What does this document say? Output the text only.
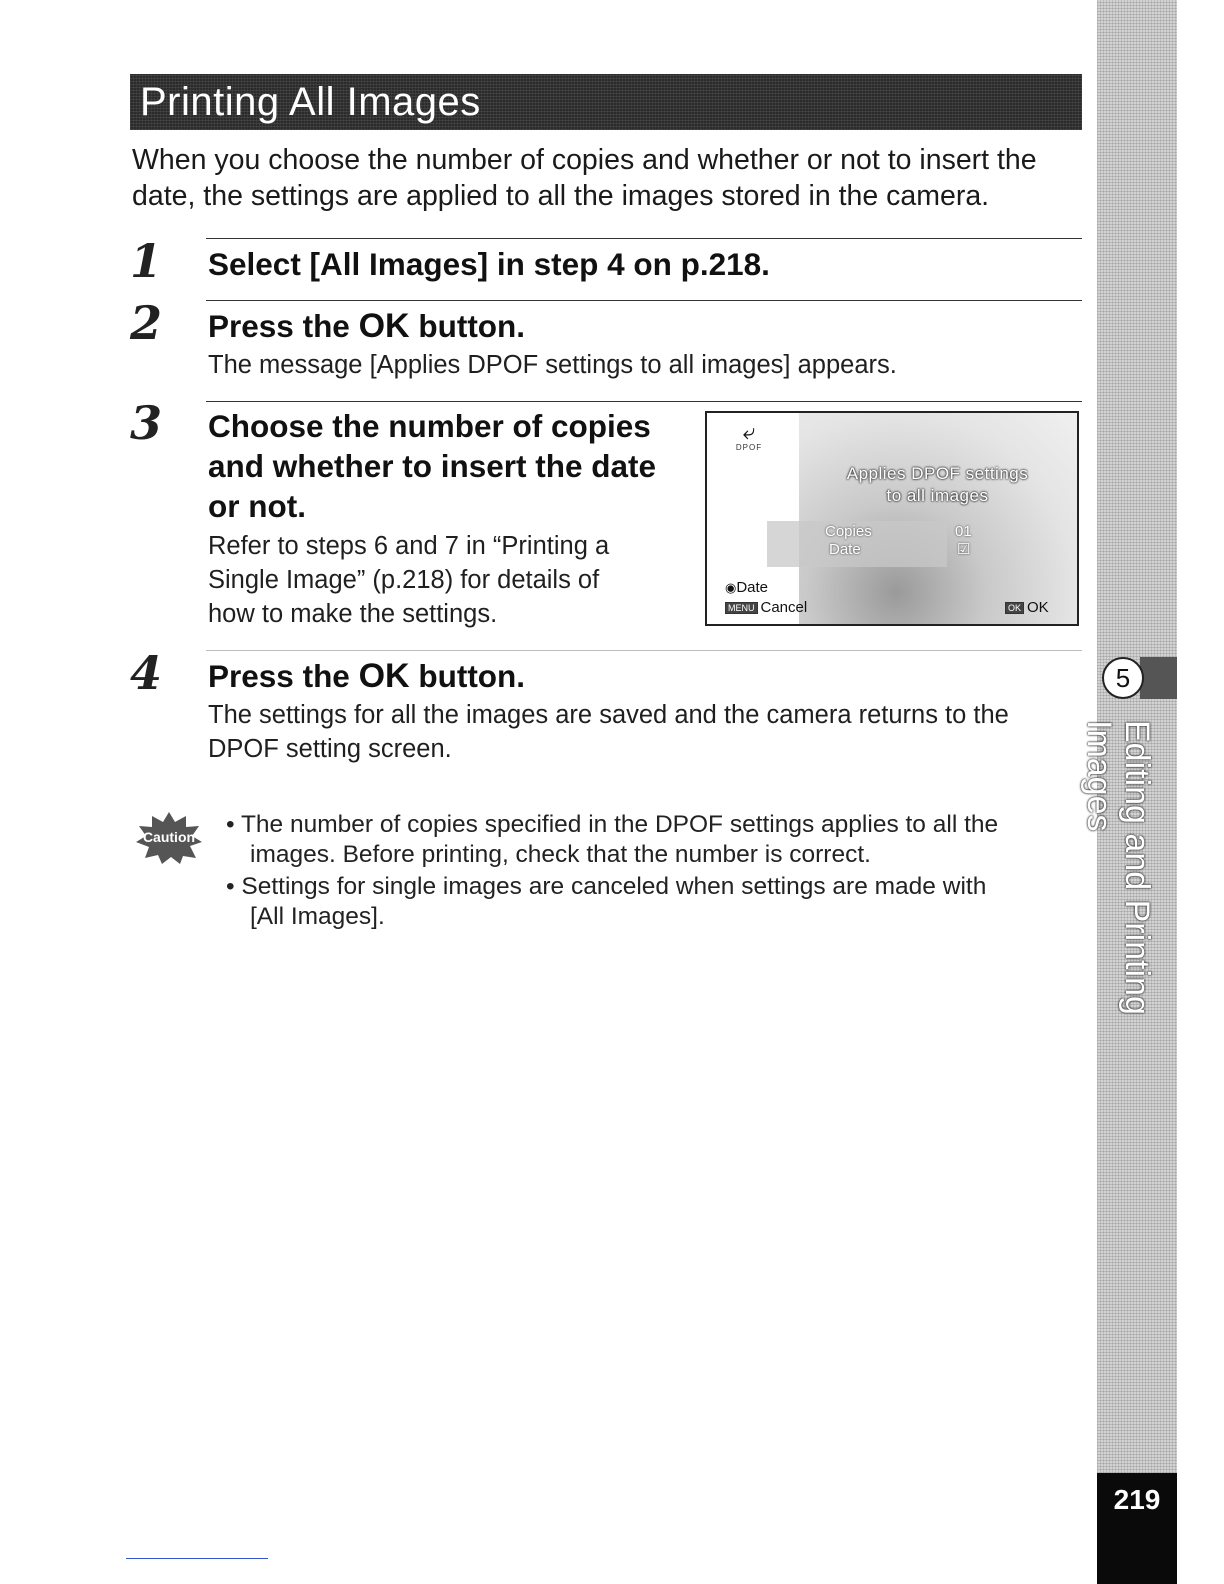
Printing All Images
When you choose the number of copies and whether or not to insert the
date, the settings are applied to all the images stored in the camera.
1 Select [All Images] in step 4 on p.218.
2 Press the OK button.
The message [Applies DPOF settings to all images] appears.
3 Choose the number of copies
and whether to insert the date
or not.
Refer to steps 6 and 7 in “Printing a
Single Image” (p.218) for details of
how to make the settings.
⤶
DPOF
Applies DPOF settings
to all images
Copies	01
Date	☑
◉Date
MENU Cancel	OK OK
4 Press the OK button.
The settings for all the images are saved and the camera returns to the
DPOF setting screen.
Caution • The number of copies specified in the DPOF settings applies to all the
images. Before printing, check that the number is correct.
• Settings for single images are canceled when settings are made with
[All Images].
5
Editing and Printing Images
219
